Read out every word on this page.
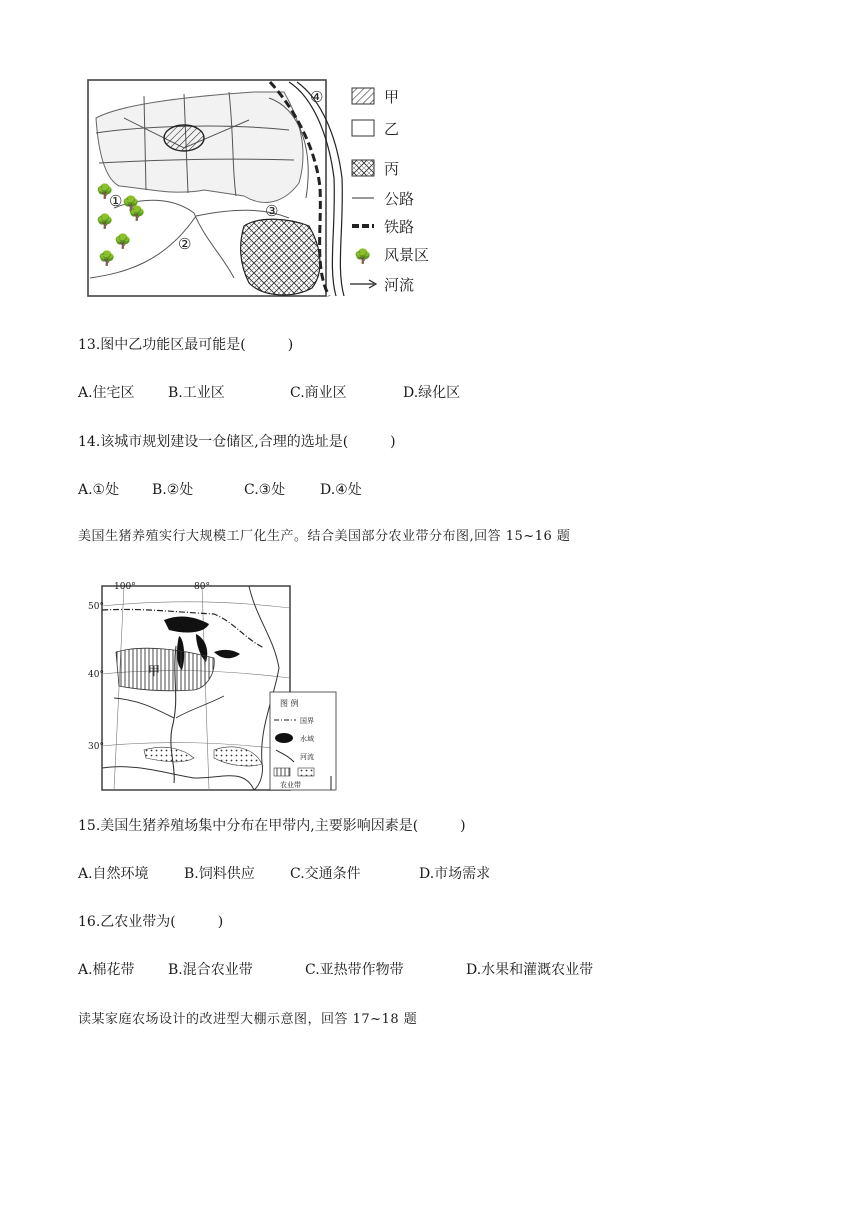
🌳
🌳
🌳
🌳
🌳
🌳
①
②
③
④	甲
乙
丙
公路
铁路
🌳 风景区
河流
13.图中乙功能区最可能是(　　　)
A.住宅区 B.工业区	C.商业区	D.绿化区
14.该城市规划建设一仓储区,合理的选址是(　　　)
A.①处 B.②处	C.③处 D.④处
美国生猪养殖实行大规模工厂化生产。结合美国部分农业带分布图,回答 15~16 题
甲
100°	80°
50°
40°
30°
图 例
国界
水域
河流
农业带
15.美国生猪养殖场集中分布在甲带内,主要影响因素是(　　　)
A.自然环境	B.饲料供应	C.交通条件	D.市场需求
16.乙农业带为(　　　)
A.棉花带 B.混合农业带	C.亚热带作物带	D.水果和灌溉农业带
读某家庭农场设计的改进型大棚示意图，回答 17~18 题
